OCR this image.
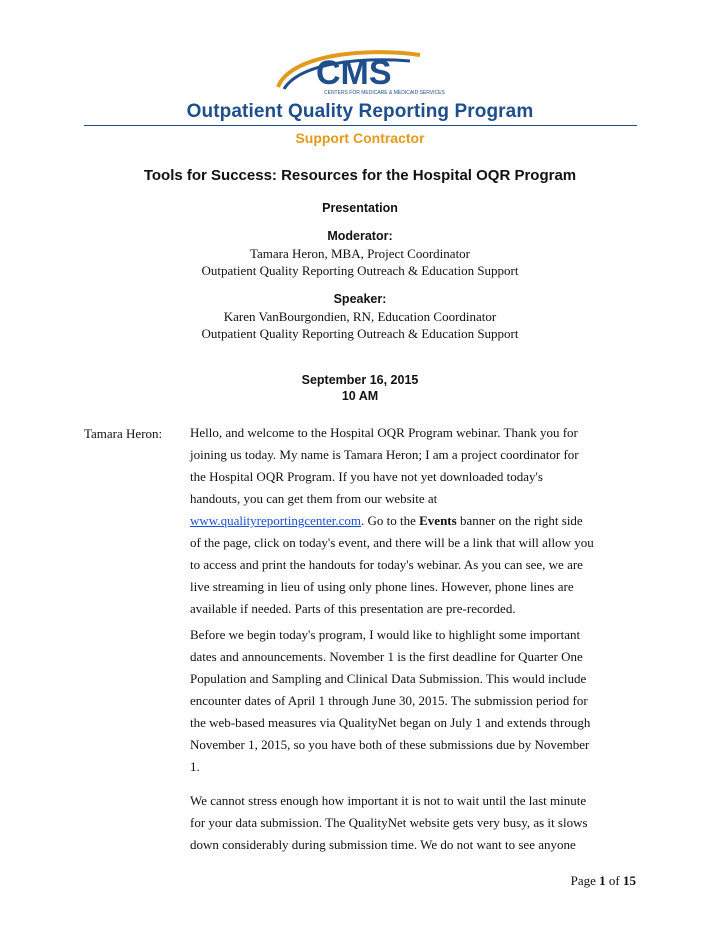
CMS
CENTERS FOR MEDICARE & MEDICAID SERVICES
Outpatient Quality Reporting Program
Support Contractor
Tools for Success: Resources for the Hospital OQR Program
Presentation
Moderator:
Tamara Heron, MBA, Project Coordinator
Outpatient Quality Reporting Outreach & Education Support
Speaker:
Karen VanBourgondien, RN, Education Coordinator
Outpatient Quality Reporting Outreach & Education Support
September 16, 2015
10 AM
Tamara Heron: Hello, and welcome to the Hospital OQR Program webinar. Thank you for
joining us today. My name is Tamara Heron; I am a project coordinator for
the Hospital OQR Program. If you have not yet downloaded today's
handouts, you can get them from our website at
www.qualityreportingcenter.com. Go to the Events banner on the right side
of the page, click on today's event, and there will be a link that will allow you
to access and print the handouts for today's webinar. As you can see, we are
live streaming in lieu of using only phone lines. However, phone lines are
available if needed. Parts of this presentation are pre-recorded.
Before we begin today's program, I would like to highlight some important
dates and announcements. November 1 is the first deadline for Quarter One
Population and Sampling and Clinical Data Submission. This would include
encounter dates of April 1 through June 30, 2015. The submission period for
the web-based measures via QualityNet began on July 1 and extends through
November 1, 2015, so you have both of these submissions due by November
1.
We cannot stress enough how important it is not to wait until the last minute
for your data submission. The QualityNet website gets very busy, as it slows
down considerably during submission time. We do not want to see anyone
Page 1 of 15
